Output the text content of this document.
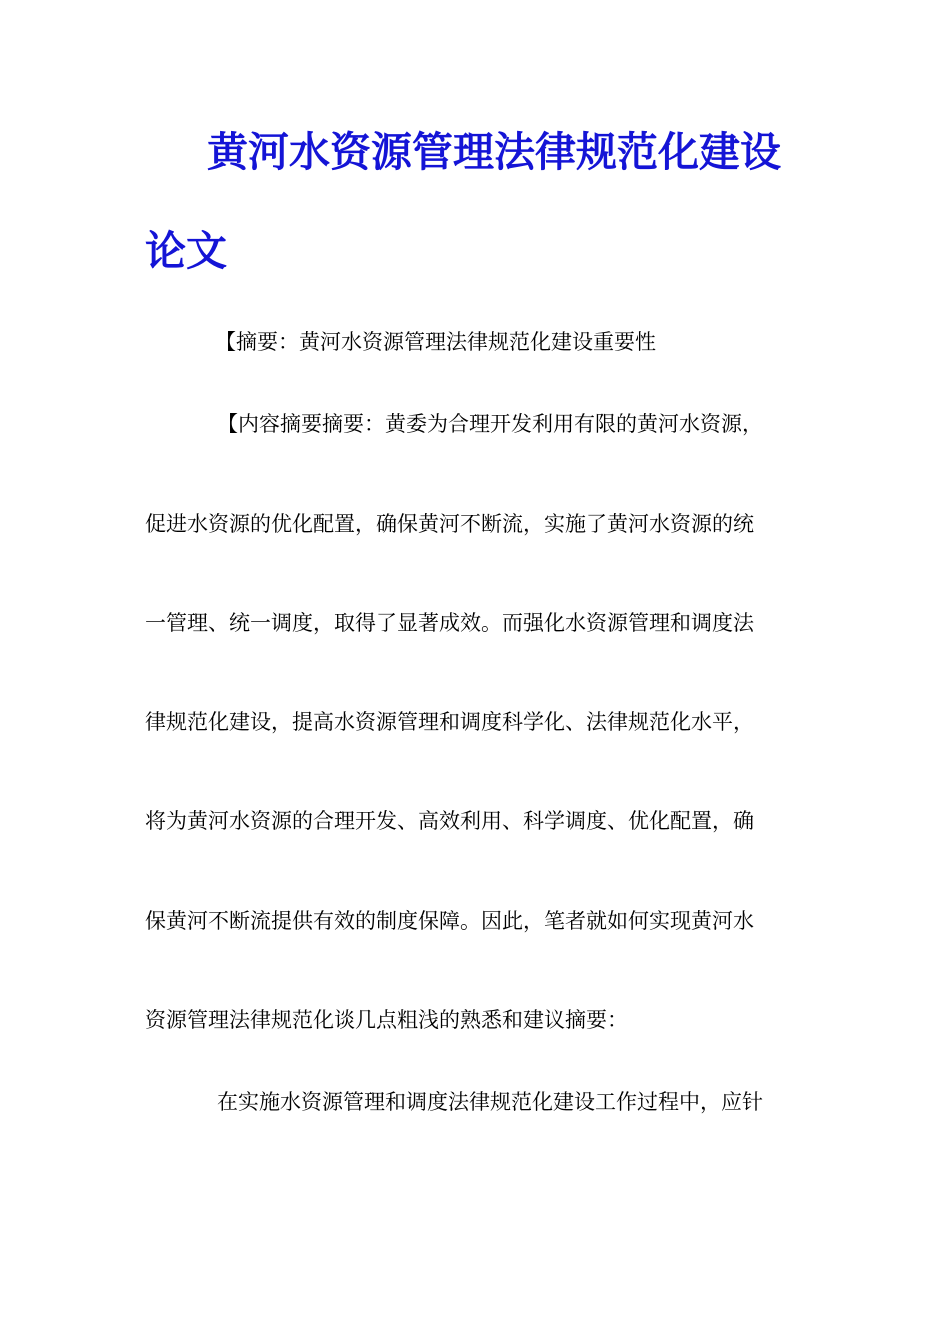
黄河水资源管理法律规范化建设
论文
【摘要：黄河水资源管理法律规范化建设重要性
【内容摘要摘要：黄委为合理开发利用有限的黄河水资源，
促进水资源的优化配置，确保黄河不断流，实施了黄河水资源的统
一管理、统一调度，取得了显著成效。而强化水资源管理和调度法
律规范化建设，提高水资源管理和调度科学化、法律规范化水平，
将为黄河水资源的合理开发、高效利用、科学调度、优化配置，确
保黄河不断流提供有效的制度保障。因此，笔者就如何实现黄河水
资源管理法律规范化谈几点粗浅的熟悉和建议摘要：
在实施水资源管理和调度法律规范化建设工作过程中，应针
